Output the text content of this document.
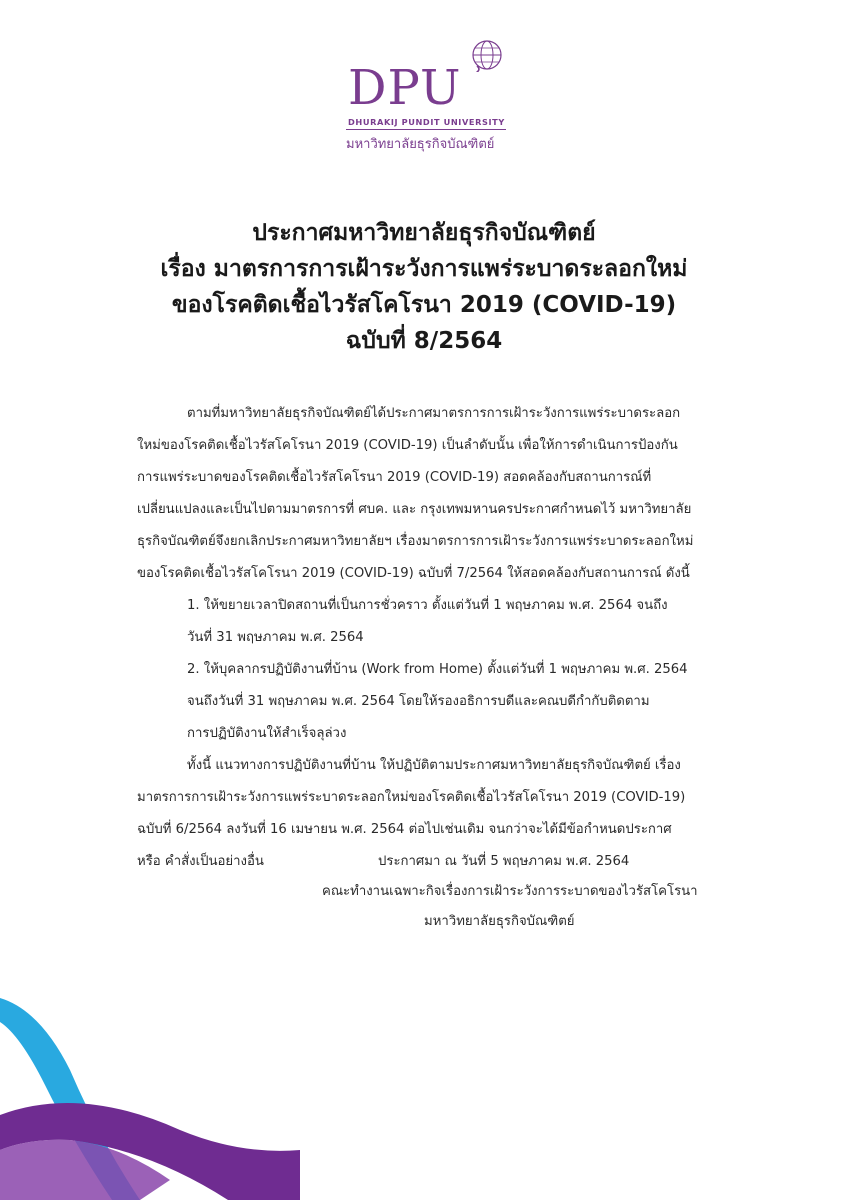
DPU
DHURAKIJ PUNDIT UNIVERSITY
มหาวิทยาลัยธุรกิจบัณฑิตย์
ประกาศมหาวิทยาลัยธุรกิจบัณฑิตย์
เรื่อง มาตรการการเฝ้าระวังการแพร่ระบาดระลอกใหม่
ของโรคติดเชื้อไวรัสโคโรนา 2019 (COVID-19)
ฉบับที่ 8/2564
ตามที่มหาวิทยาลัยธุรกิจบัณฑิตย์ได้ประกาศมาตรการการเฝ้าระวังการแพร่ระบาดระลอก
ใหม่ของโรคติดเชื้อไวรัสโคโรนา 2019 (COVID-19) เป็นลำดับนั้น เพื่อให้การดำเนินการป้องกัน
การแพร่ระบาดของโรคติดเชื้อไวรัสโคโรนา 2019 (COVID-19) สอดคล้องกับสถานการณ์ที่
เปลี่ยนแปลงและเป็นไปตามมาตรการที่ ศบค. และ กรุงเทพมหานครประกาศกำหนดไว้ มหาวิทยาลัย
ธุรกิจบัณฑิตย์จึงยกเลิกประกาศมหาวิทยาลัยฯ เรื่องมาตรการการเฝ้าระวังการแพร่ระบาดระลอกใหม่
ของโรคติดเชื้อไวรัสโคโรนา 2019 (COVID-19) ฉบับที่ 7/2564 ให้สอดคล้องกับสถานการณ์ ดังนี้
1. ให้ขยายเวลาปิดสถานที่เป็นการชั่วคราว ตั้งแต่วันที่ 1 พฤษภาคม พ.ศ. 2564 จนถึง
วันที่ 31 พฤษภาคม พ.ศ. 2564
2. ให้บุคลากรปฏิบัติงานที่บ้าน (Work from Home) ตั้งแต่วันที่ 1 พฤษภาคม พ.ศ. 2564
จนถึงวันที่ 31 พฤษภาคม พ.ศ. 2564 โดยให้รองอธิการบดีและคณบดีกำกับติดตาม
การปฏิบัติงานให้สำเร็จลุล่วง
ทั้งนี้ แนวทางการปฏิบัติงานที่บ้าน ให้ปฏิบัติตามประกาศมหาวิทยาลัยธุรกิจบัณฑิตย์ เรื่อง
มาตรการการเฝ้าระวังการแพร่ระบาดระลอกใหม่ของโรคติดเชื้อไวรัสโคโรนา 2019 (COVID-19)
ฉบับที่ 6/2564 ลงวันที่ 16 เมษายน พ.ศ. 2564 ต่อไปเช่นเดิม จนกว่าจะได้มีข้อกำหนดประกาศ
หรือ คำสั่งเป็นอย่างอื่น	ประกาศมา ณ วันที่ 5 พฤษภาคม พ.ศ. 2564
คณะทำงานเฉพาะกิจเรื่องการเฝ้าระวังการระบาดของไวรัสโคโรนา
มหาวิทยาลัยธุรกิจบัณฑิตย์
